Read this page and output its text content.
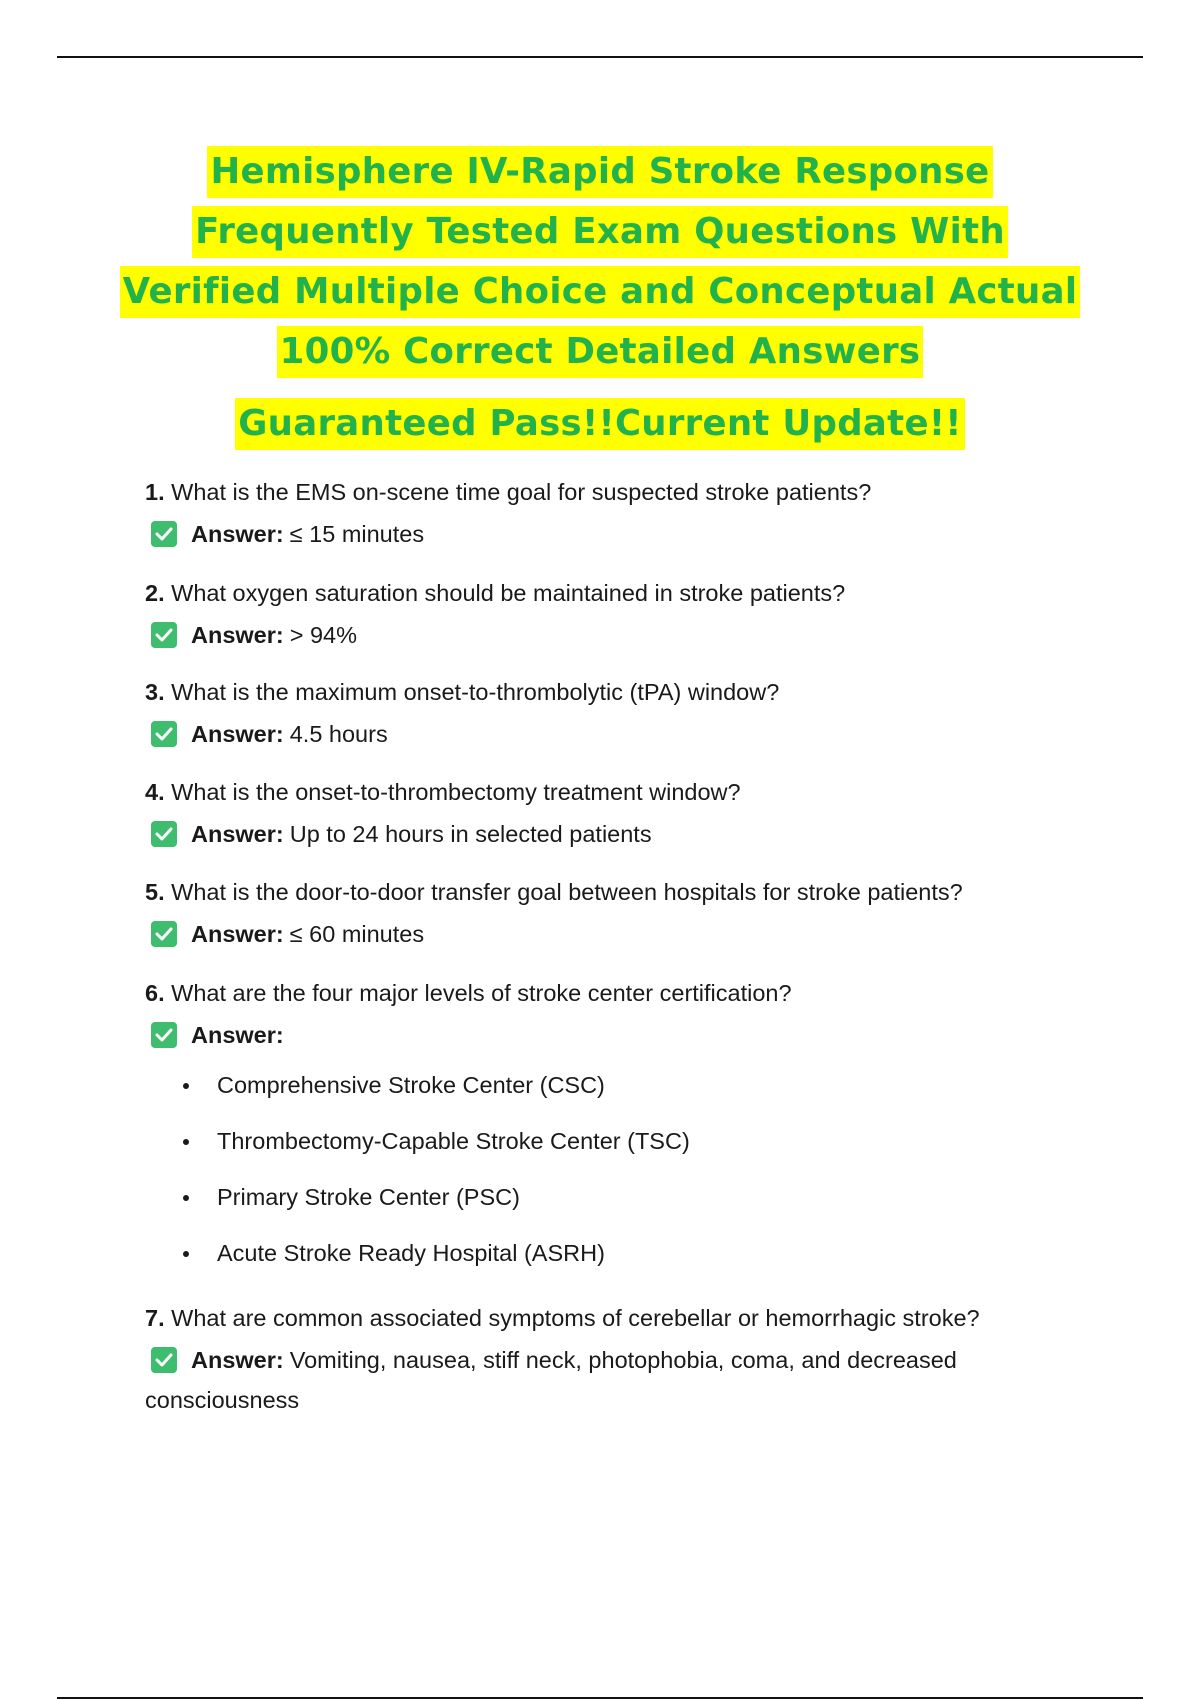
Hemisphere IV-Rapid Stroke Response
Frequently Tested Exam Questions With
Verified Multiple Choice and Conceptual Actual
100% Correct Detailed Answers
Guaranteed Pass!!Current Update!!

1. What is the EMS on-scene time goal for suspected stroke patients?

Answer: ≤ 15 minutes

2. What oxygen saturation should be maintained in stroke patients?

Answer: > 94%

3. What is the maximum onset-to-thrombolytic (tPA) window?

Answer: 4.5 hours

4. What is the onset-to-thrombectomy treatment window?

Answer: Up to 24 hours in selected patients

5. What is the door-to-door transfer goal between hospitals for stroke patients?

Answer: ≤ 60 minutes

6. What are the four major levels of stroke center certification?

Answer:
Comprehensive Stroke Center (CSC)
Thrombectomy-Capable Stroke Center (TSC)
Primary Stroke Center (PSC)
Acute Stroke Ready Hospital (ASRH)

7. What are common associated symptoms of cerebellar or hemorrhagic stroke?

Answer: Vomiting, nausea, stiff neck, photophobia, coma, and decreased

consciousness
